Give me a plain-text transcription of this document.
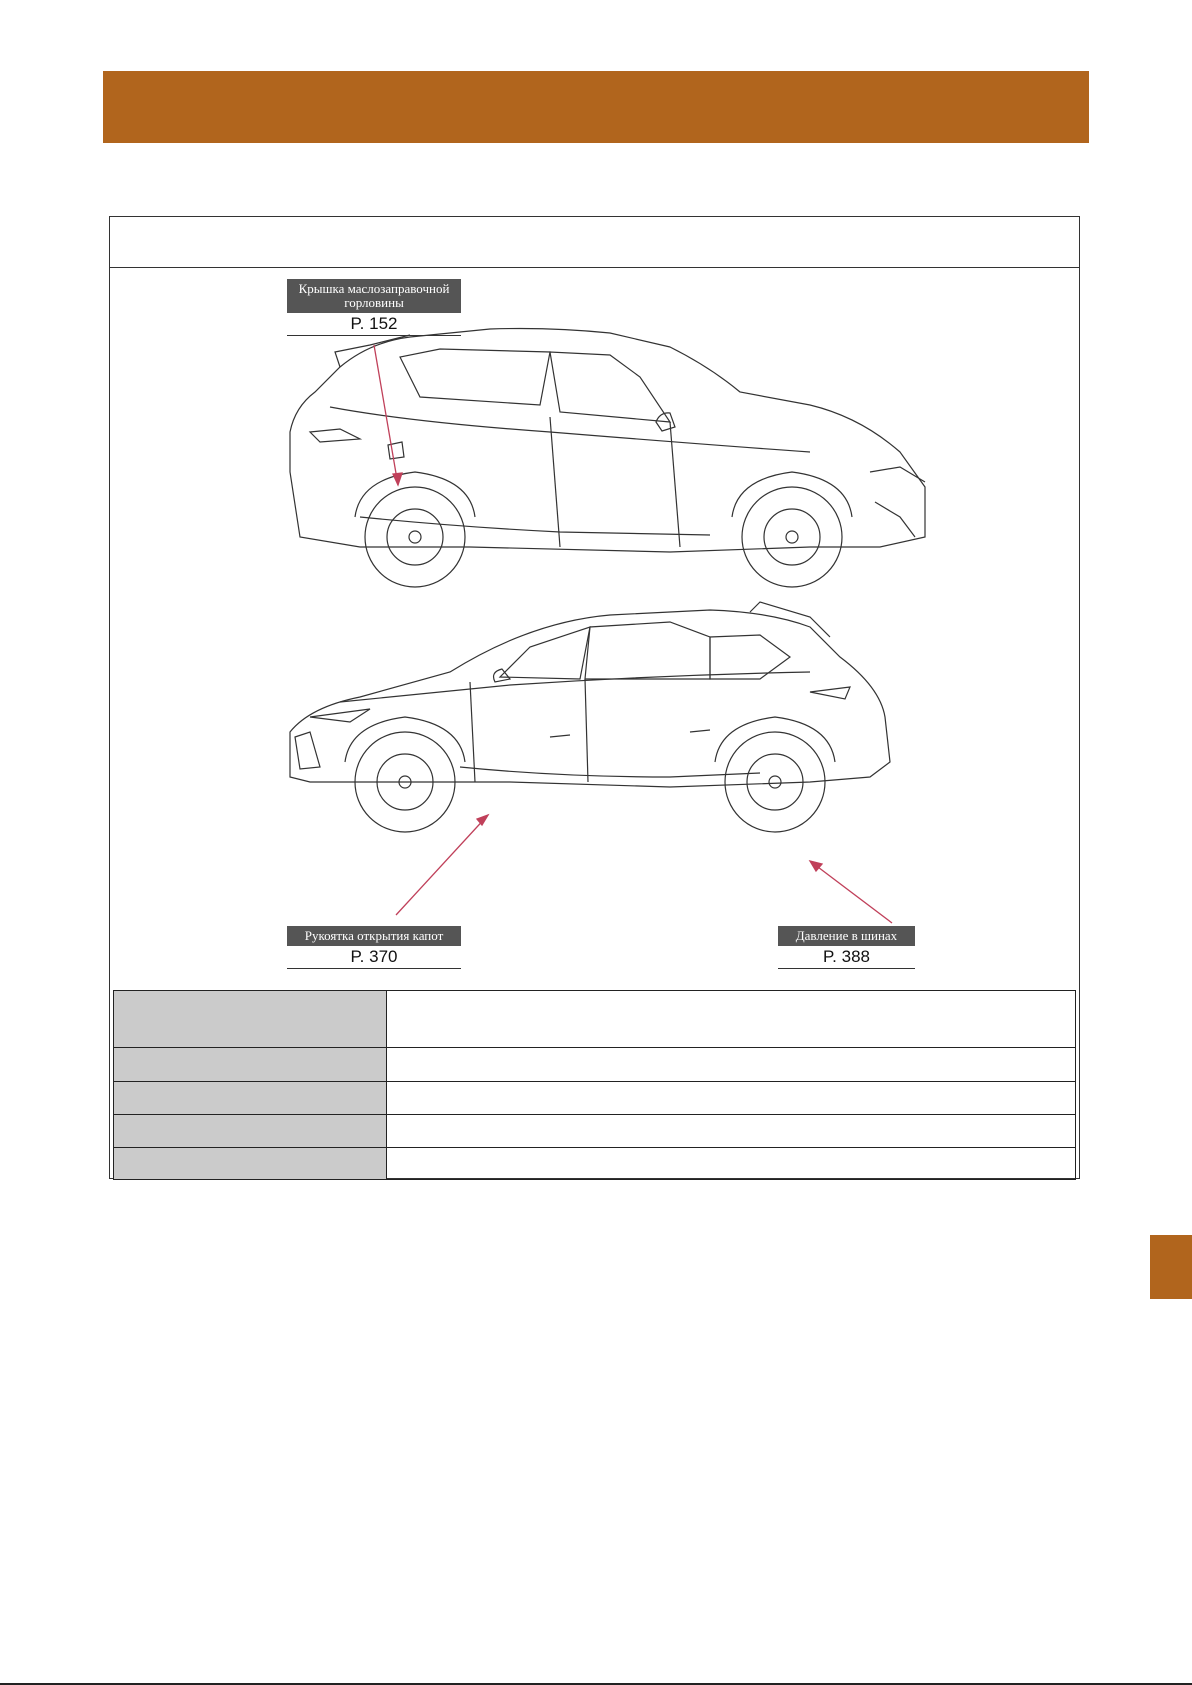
Крышка маслозаправочной горловины
P. 152
Рукоятка открытия капот
P. 370
Давление в шинах
P. 388
